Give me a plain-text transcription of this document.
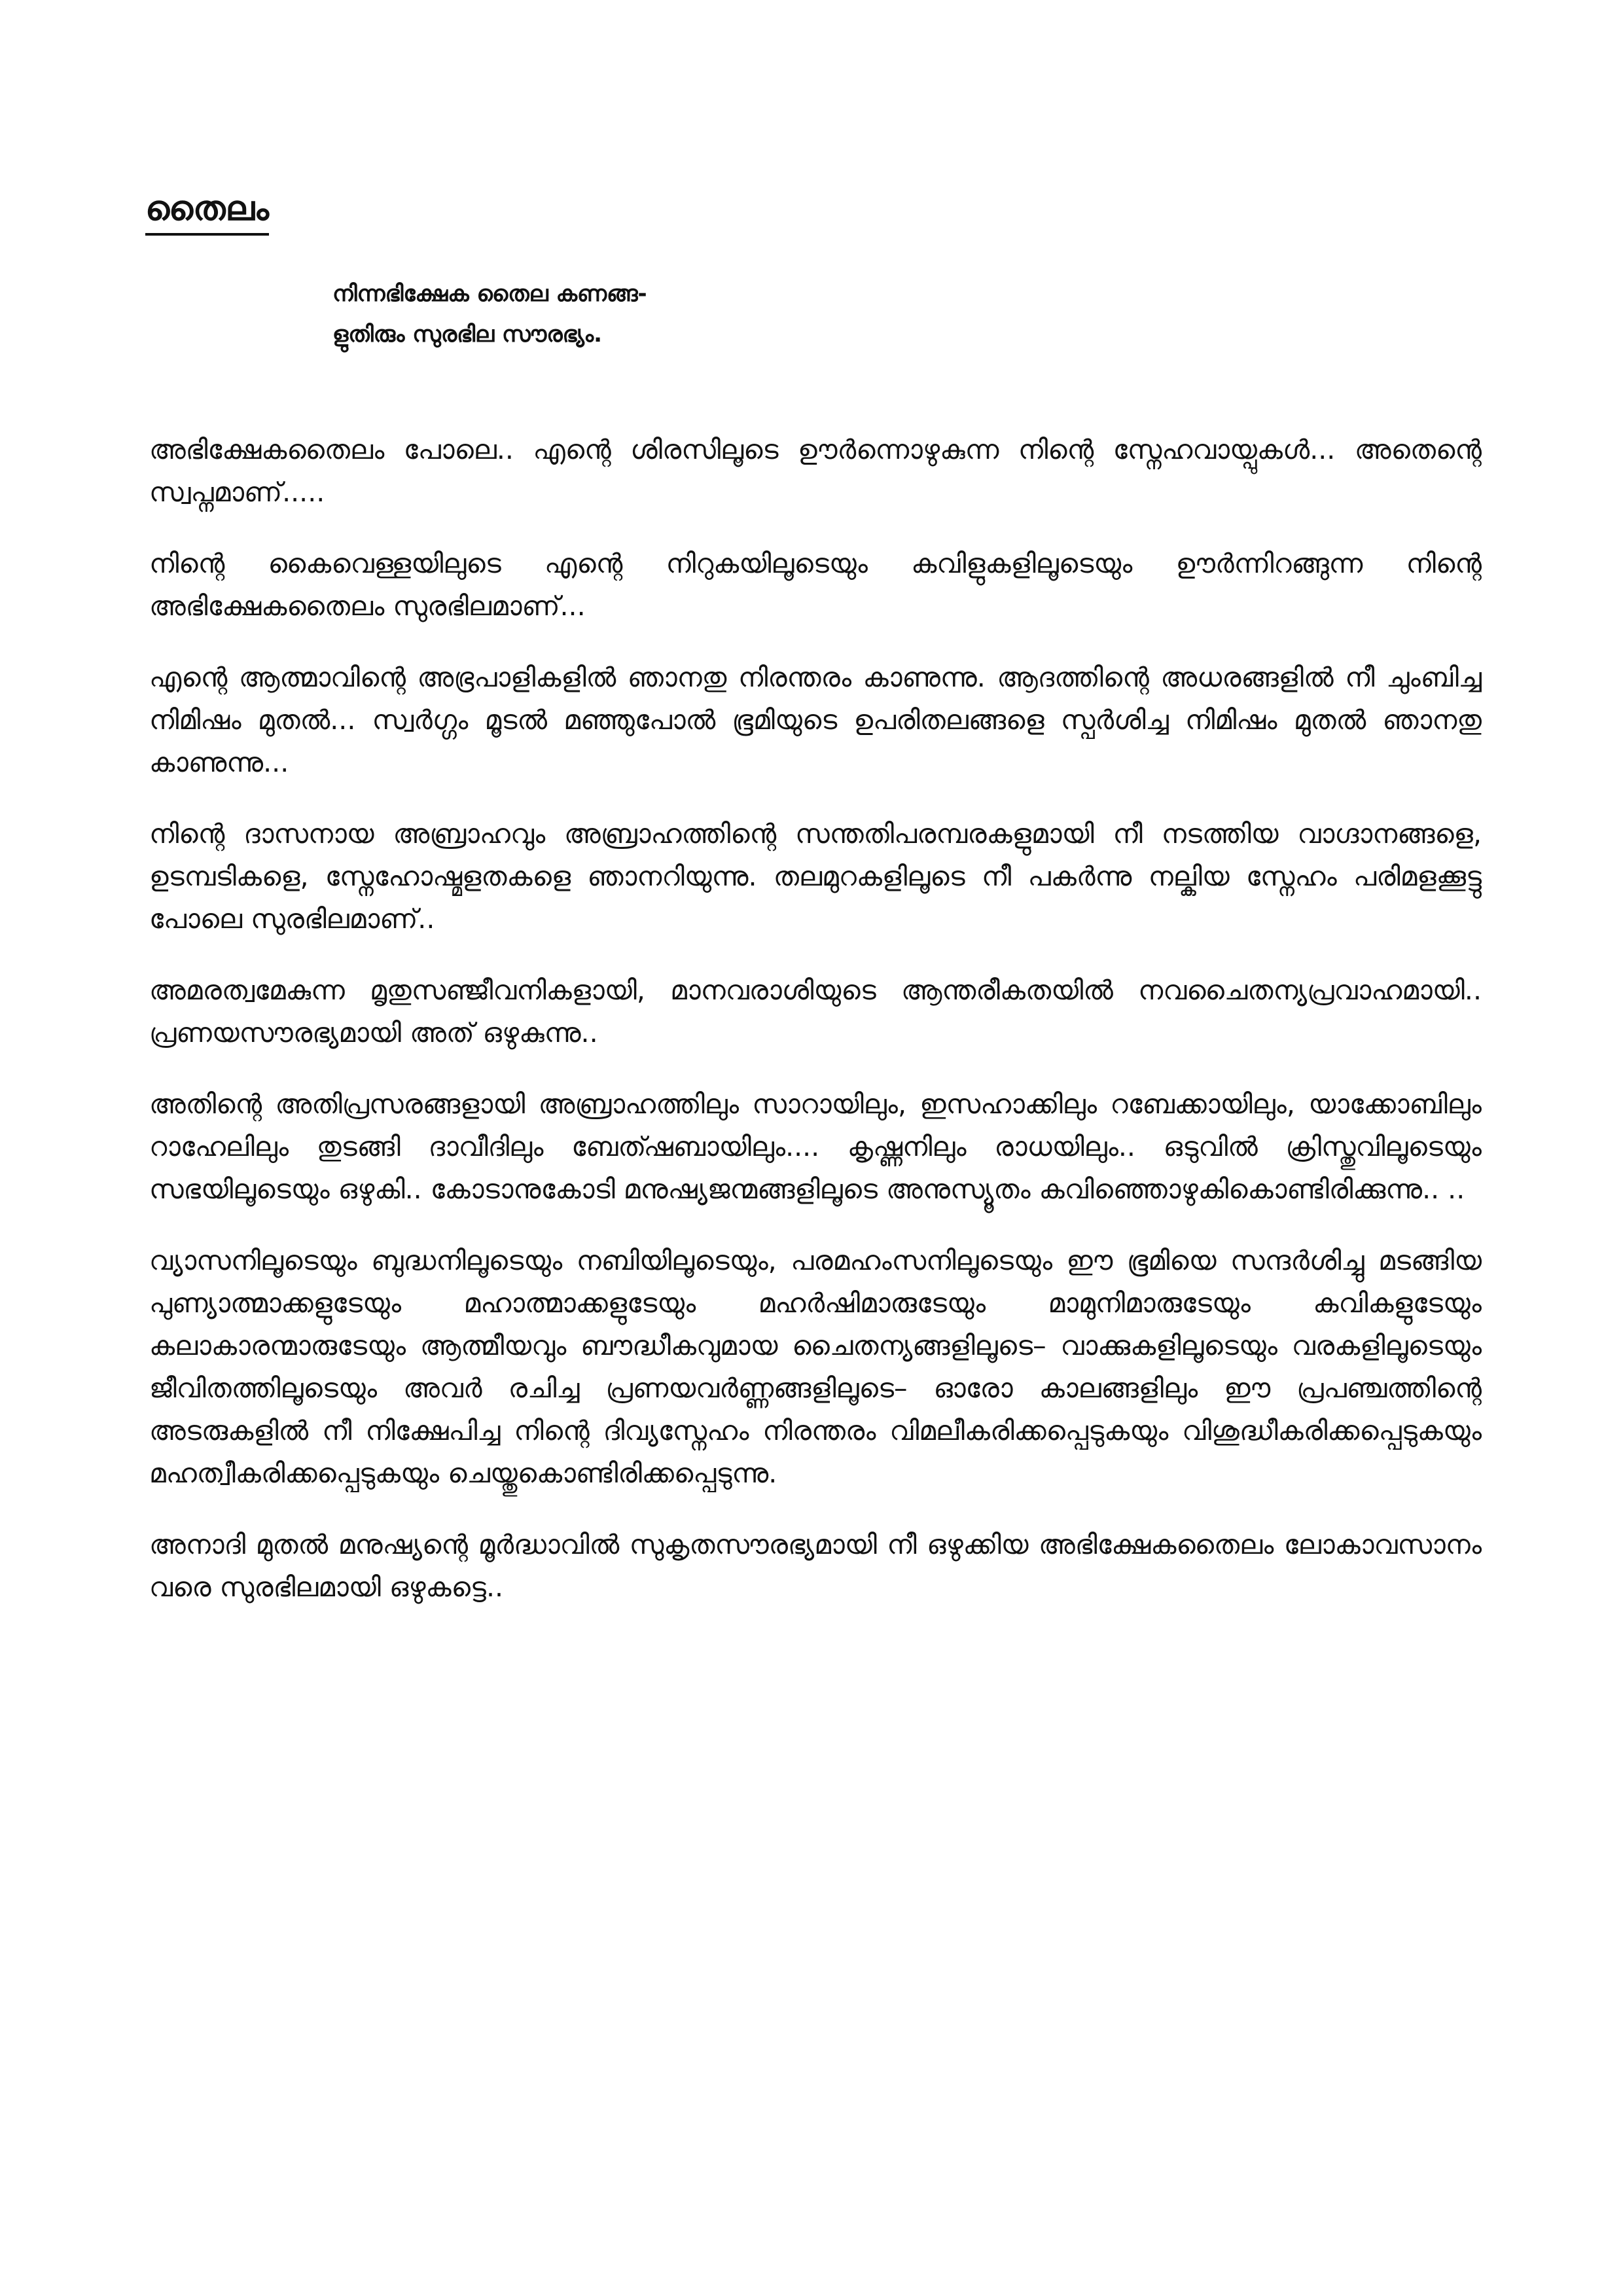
തൈലം
നിന്നഭിക്ഷേക തൈല കണങ്ങ-
ളുതിരും സുരഭില സൗരഭ്യം.

അഭിക്ഷേകതൈലം പോലെ.. എന്റെ ശിരസിലൂടെ ഊർന്നൊഴുകുന്ന നിന്റെ സ്നേഹവായ്പുകൾ... അതെന്റെ സ്വപ്നമാണ്.....

നിന്റെ കൈവെള്ളയിലുടെ എന്റെ നിറുകയിലൂടെയും കവിളുകളിലൂടെയും ഊർന്നിറങ്ങുന്ന നിന്റെ അഭിക്ഷേകതൈലം സുരഭിലമാണ്...

എന്റെ ആത്മാവിന്റെ അഭ്രപാളികളിൽ ഞാനതു നിരന്തരം കാണുന്നു. ആദത്തിന്റെ അധരങ്ങളിൽ നീ ചുംബിച്ച നിമിഷം മുതൽ... സ്വർഗ്ഗം മൂടൽ മഞ്ഞുപോൽ ഭൂമിയുടെ ഉപരിതലങ്ങളെ സ്പർശിച്ച നിമിഷം മുതൽ ഞാനതു കാണുന്നു...

നിന്റെ ദാസനായ അബ്രാഹവും അബ്രാഹത്തിന്റെ സന്തതിപരമ്പരകളുമായി നീ നടത്തിയ വാഗ്ദാനങ്ങളെ, ഉടമ്പടികളെ, സ്നേഹോഷ്മളതകളെ ഞാനറിയുന്നു. തലമുറകളിലൂടെ നീ പകർന്നു നല്കിയ സ്നേഹം പരിമളക്കൂട്ടു പോലെ സുരഭിലമാണ്..

അമരത്വമേകുന്ന മൃതുസഞ്ജീവനികളായി, മാനവരാശിയുടെ ആന്തരീകതയിൽ നവചൈതന്യപ്രവാഹമായി.. പ്രണയസൗരഭ്യമായി അത് ഒഴുകുന്നു..

അതിന്റെ അതിപ്രസരങ്ങളായി അബ്രാഹത്തിലും സാറായിലും, ഇസഹാക്കിലും റബേക്കായിലും, യാക്കോബിലും റാഹേലിലും തുടങ്ങി ദാവീദിലും ബേത്ഷബായിലും.... കൃഷ്ണനിലും രാധയിലും.. ഒടുവിൽ ക്രിസ്തുവിലൂടെയും സഭയിലൂടെയും ഒഴുകി.. കോടാനുകോടി മനുഷ്യജന്മങ്ങളിലൂടെ അനുസ്യൂതം കവിഞ്ഞൊഴുകികൊണ്ടിരിക്കുന്നു.. ..

വ്യാസനിലൂടെയും ബുദ്ധനിലൂടെയും നബിയിലൂടെയും, പരമഹംസനിലൂടെയും ഈ ഭൂമിയെ സന്ദർശിച്ചു മടങ്ങിയ പുണ്യാത്മാക്കളുടേയും മഹാത്മാക്കളുടേയും മഹർഷിമാരുടേയും മാമുനിമാരുടേയും കവികളുടേയും കലാകാരന്മാരുടേയും ആത്മീയവും ബൗദ്ധീകവുമായ ചൈതന്യങ്ങളിലൂടെ– വാക്കുകളിലൂടെയും വരകളിലൂടെയും ജീവിതത്തിലൂടെയും അവർ രചിച്ച പ്രണയവർണ്ണങ്ങളിലൂടെ– ഓരോ കാലങ്ങളിലും ഈ പ്രപഞ്ചത്തിന്റെ അടരുകളിൽ നീ നിക്ഷേപിച്ച നിന്റെ ദിവ്യസ്നേഹം നിരന്തരം വിമലീകരിക്കപ്പെടുകയും വിശുദ്ധീകരിക്കപ്പെടുകയും മഹത്വീകരിക്കപ്പെടുകയും ചെയ്തുകൊണ്ടിരിക്കപ്പെടുന്നു.

അനാദി മുതൽ മനുഷ്യന്റെ മൂർദ്ധാവിൽ സുകൃതസൗരഭ്യമായി നീ ഒഴുക്കിയ അഭിക്ഷേകതൈലം ലോകാവസാനം വരെ സുരഭിലമായി ഒഴുകട്ടെ..
